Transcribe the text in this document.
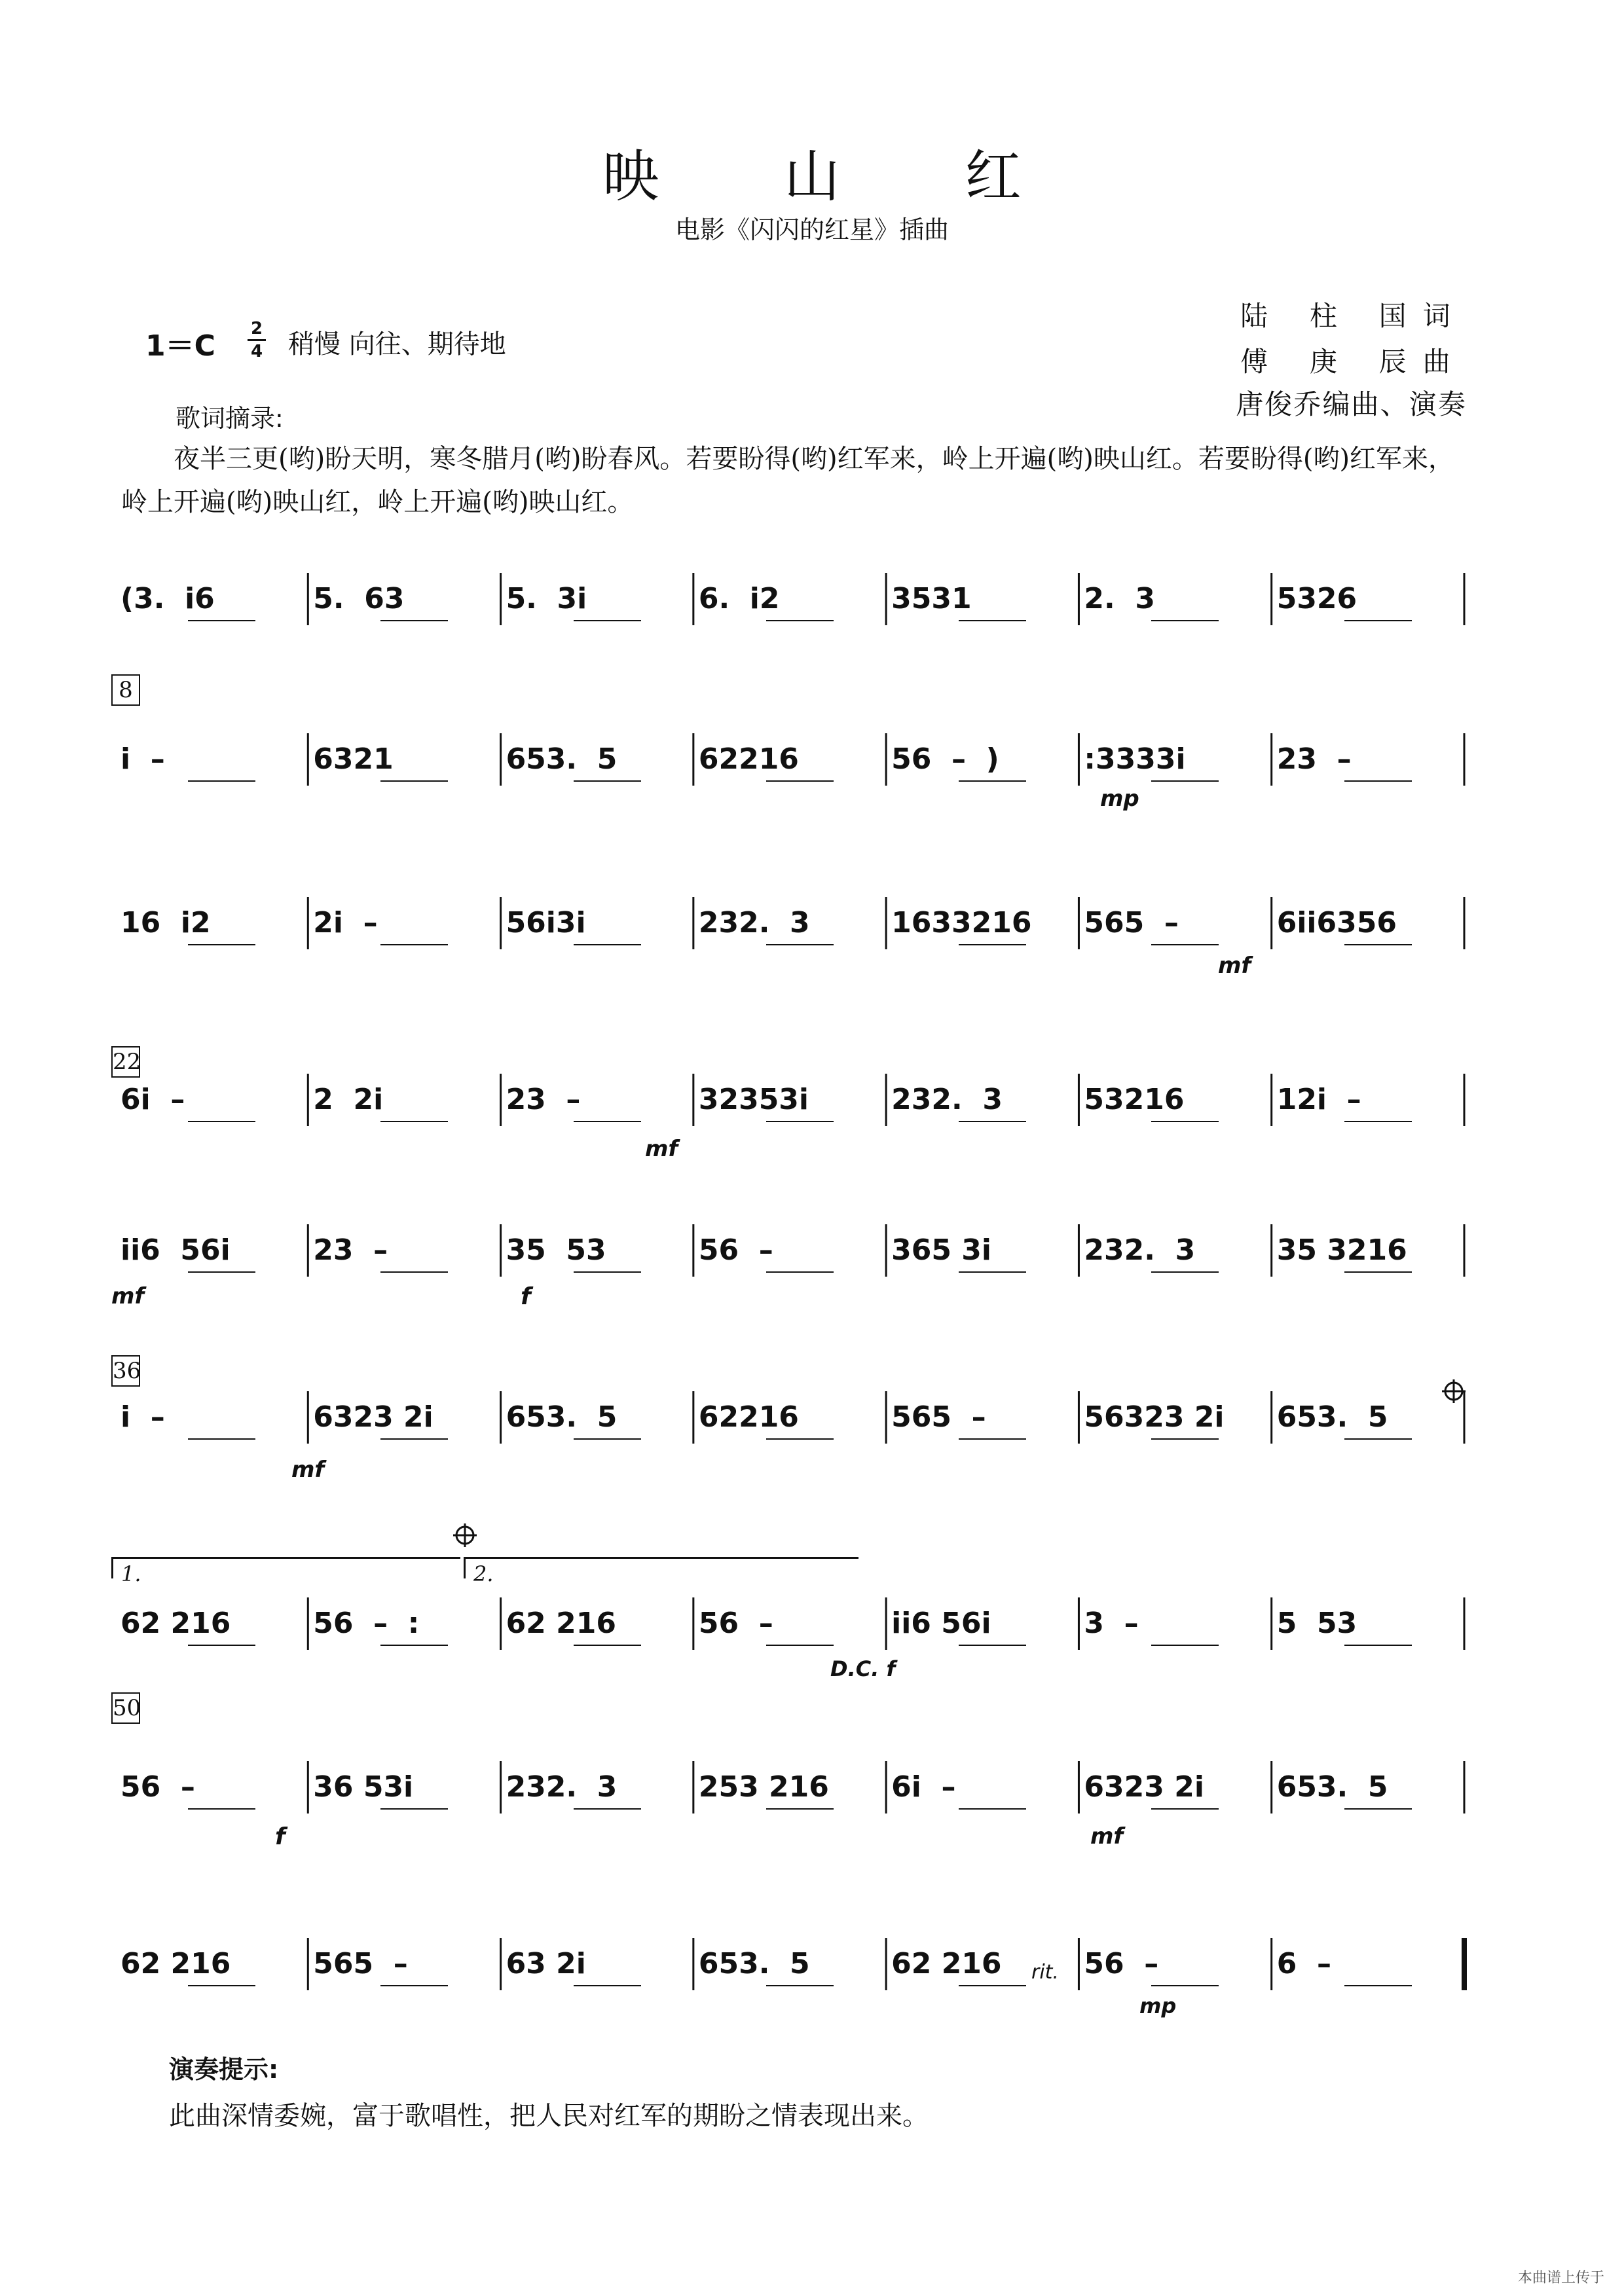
映 山 红
电影《闪闪的红星》插曲
陆 柱 国词
傅 庚 辰曲
唐俊乔编曲、演奏
1＝C
2
4 稍慢 向往、期待地
歌词摘录:
夜半三更(哟)盼天明，寒冬腊月(哟)盼春风。若要盼得(哟)红军来，岭上开遍(哟)映山红。若要盼得(哟)红军来，岭上开遍(哟)映山红，岭上开遍(哟)映山红。
8
22
36
50
(3.  i6	5.  63	5.  3i	6.  i2	3531	2.  3	5326
i  –	6321	653.  5	62216	56  –  )	:3333i	23  –
16  i2	2i  –	56i3i	232.  3	1633216	565  –	6ii6356
6i  –	2  2i	23  –	32353i	232.  3	53216	12i  –
ii6  56i	23  –	35  53	56  –	365 3i	232.  3	35 3216
i  –	6323 2i	653.  5	62216	565  –	56323 2i	653.  5
62 216	56  –  :	62 216	56  –	ii6 56i	3  –	5  53
56  –	36 53i	232.  3	253 216	6i  –	6323 2i	653.  5
62 216	565  –	63 2i	653.  5	62 216	56  –	6  –
mp
mf
mf
mf	f
mf
D.C. f
f	mf
mp
1.	2.
rit.
演奏提示:
此曲深情委婉，富于歌唱性，把人民对红军的期盼之情表现出来。
本曲谱上传于
